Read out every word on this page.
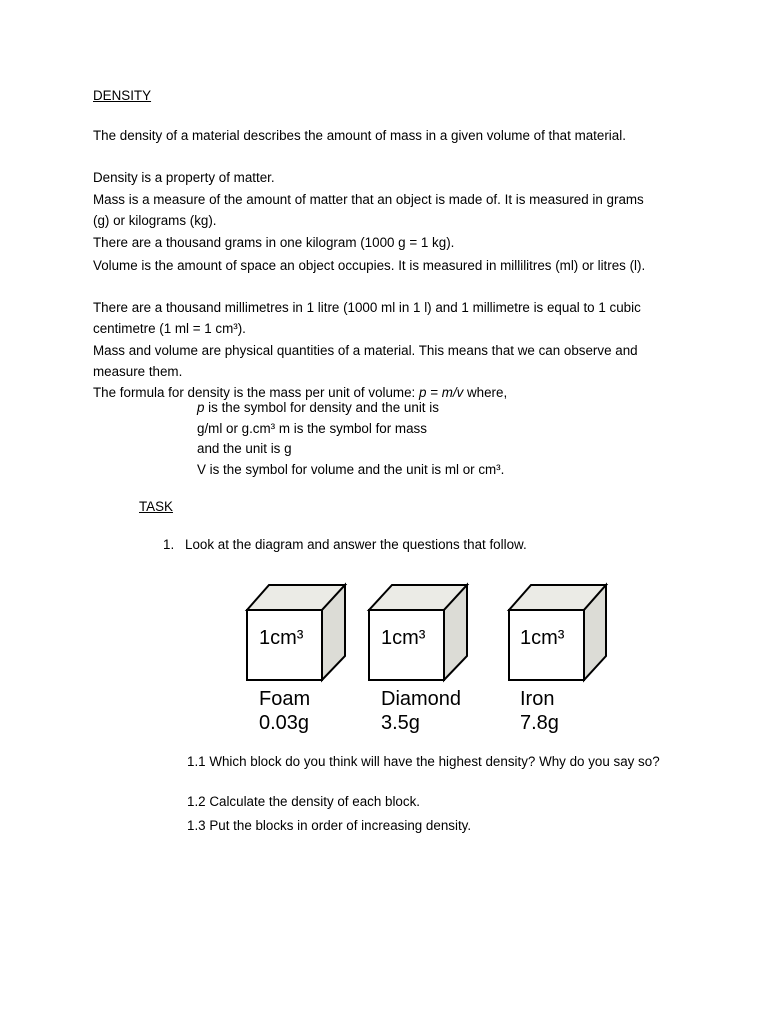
DENSITY
The density of a material describes the amount of mass in a given volume of that material.
Density is a property of matter.
Mass is a measure of the amount of matter that an object is made of. It is measured in grams (g) or kilograms (kg).
There are a thousand grams in one kilogram (1000 g = 1 kg).
Volume is the amount of space an object occupies. It is measured in millilitres (ml) or litres (l).
There are a thousand millimetres in 1 litre (1000 ml in 1 l) and 1 millimetre is equal to 1 cubic centimetre (1 ml = 1 cm³).
Mass and volume are physical quantities of a material. This means that we can observe and measure them.
The formula for density is the mass per unit of volume: p = m/v where,
p is the symbol for density and the unit is
g/ml or g.cm³ m is the symbol for mass
and the unit is g
V is the symbol for volume and the unit is ml or cm³.
TASK
1. Look at the diagram and answer the questions that follow.
1cm³
Foam
0.03g
1cm³
Diamond
3.5g
1cm³
Iron
7.8g
1.1 Which block do you think will have the highest density? Why do you say so?
1.2 Calculate the density of each block.
1.3 Put the blocks in order of increasing density.
